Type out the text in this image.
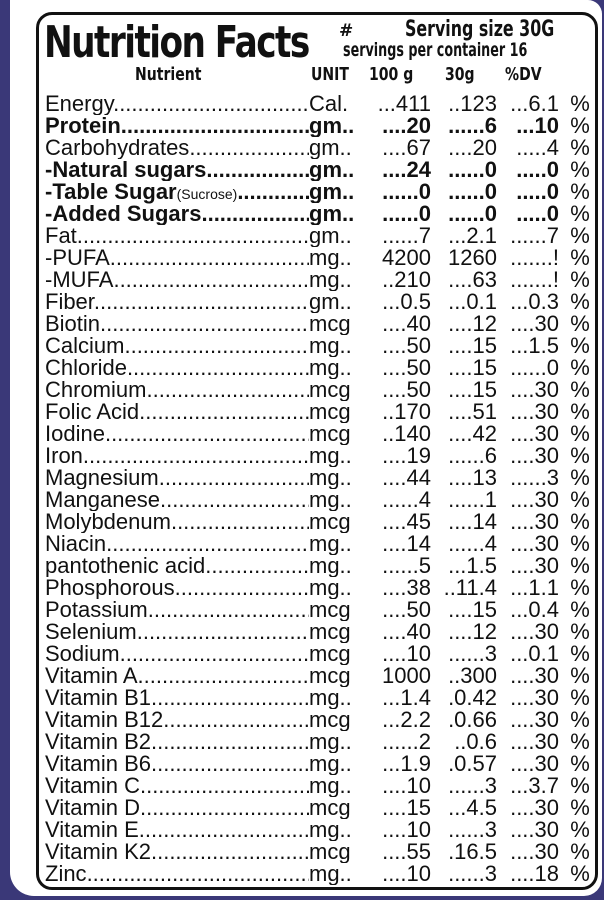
Nutrition Facts # Serving size 30G
servings per container 16
Nutrient	UNIT 100 g 30g %DV
Energy .....	Cal.	...411 ..123 ...6.1 %
Protein .....	gm..	....20 ......6 ...10 %
Carbohydrates .....	gm..	....67 ....20 .....4 %
-Natural sugars .....	gm..	....24 ......0 .....0 %
-Table Sugar(Sucrose) .....	gm..	......0 ......0 .....0 %
-Added Sugars .....	gm..	......0 ......0 .....0 %
Fat .....	gm..	......7 ...2.1 ......7 %
-PUFA .....	mg..	4200 1260 .......! %
-MUFA .....	mg..	..210 ....63 .......! %
Fiber .....	gm..	...0.5 ...0.1 ...0.3 %
Biotin .....	mcg	....40 ....12 ....30 %
Calcium .....	mg..	....50 ....15 ...1.5 %
Chloride .....	mg..	....50 ....15 ......0 %
Chromium .....	mcg	....50 ....15 ....30 %
Folic Acid .....	mcg	..170 ....51 ....30 %
Iodine .....	mcg	..140 ....42 ....30 %
Iron .....	mg..	....19 ......6 ....30 %
Magnesium .....	mg..	....44 ....13 ......3 %
Manganese .....	mg..	......4 ......1 ....30 %
Molybdenum .....	mcg	....45 ....14 ....30 %
Niacin .....	mg..	....14 ......4 ....30 %
pantothenic acid .....	mg..	......5 ...1.5 ....30 %
Phosphorous .....	mg..	....38 ..11.4 ...1.1 %
Potassium .....	mcg	....50 ....15 ...0.4 %
Selenium .....	mcg	....40 ....12 ....30 %
Sodium .....	mcg	....10 ......3 ...0.1 %
Vitamin A .....	mcg	1000 ..300 ....30 %
Vitamin B1 .....	mg..	...1.4 .0.42 ....30 %
Vitamin B12 .....	mcg	...2.2 .0.66 ....30 %
Vitamin B2 .....	mg..	......2	..0.6 ....30 %
Vitamin B6 .....	mg..	...1.9 .0.57 ....30 %
Vitamin C .....	mg..	....10 ......3 ...3.7 %
Vitamin D .....	mcg	....15 ...4.5 ....30 %
Vitamin E .....	mg..	....10 ......3 ....30 %
Vitamin K2 .....	mcg	....55 .16.5 ....30 %
Zinc .....	mg..	....10 ......3 ....18 %
